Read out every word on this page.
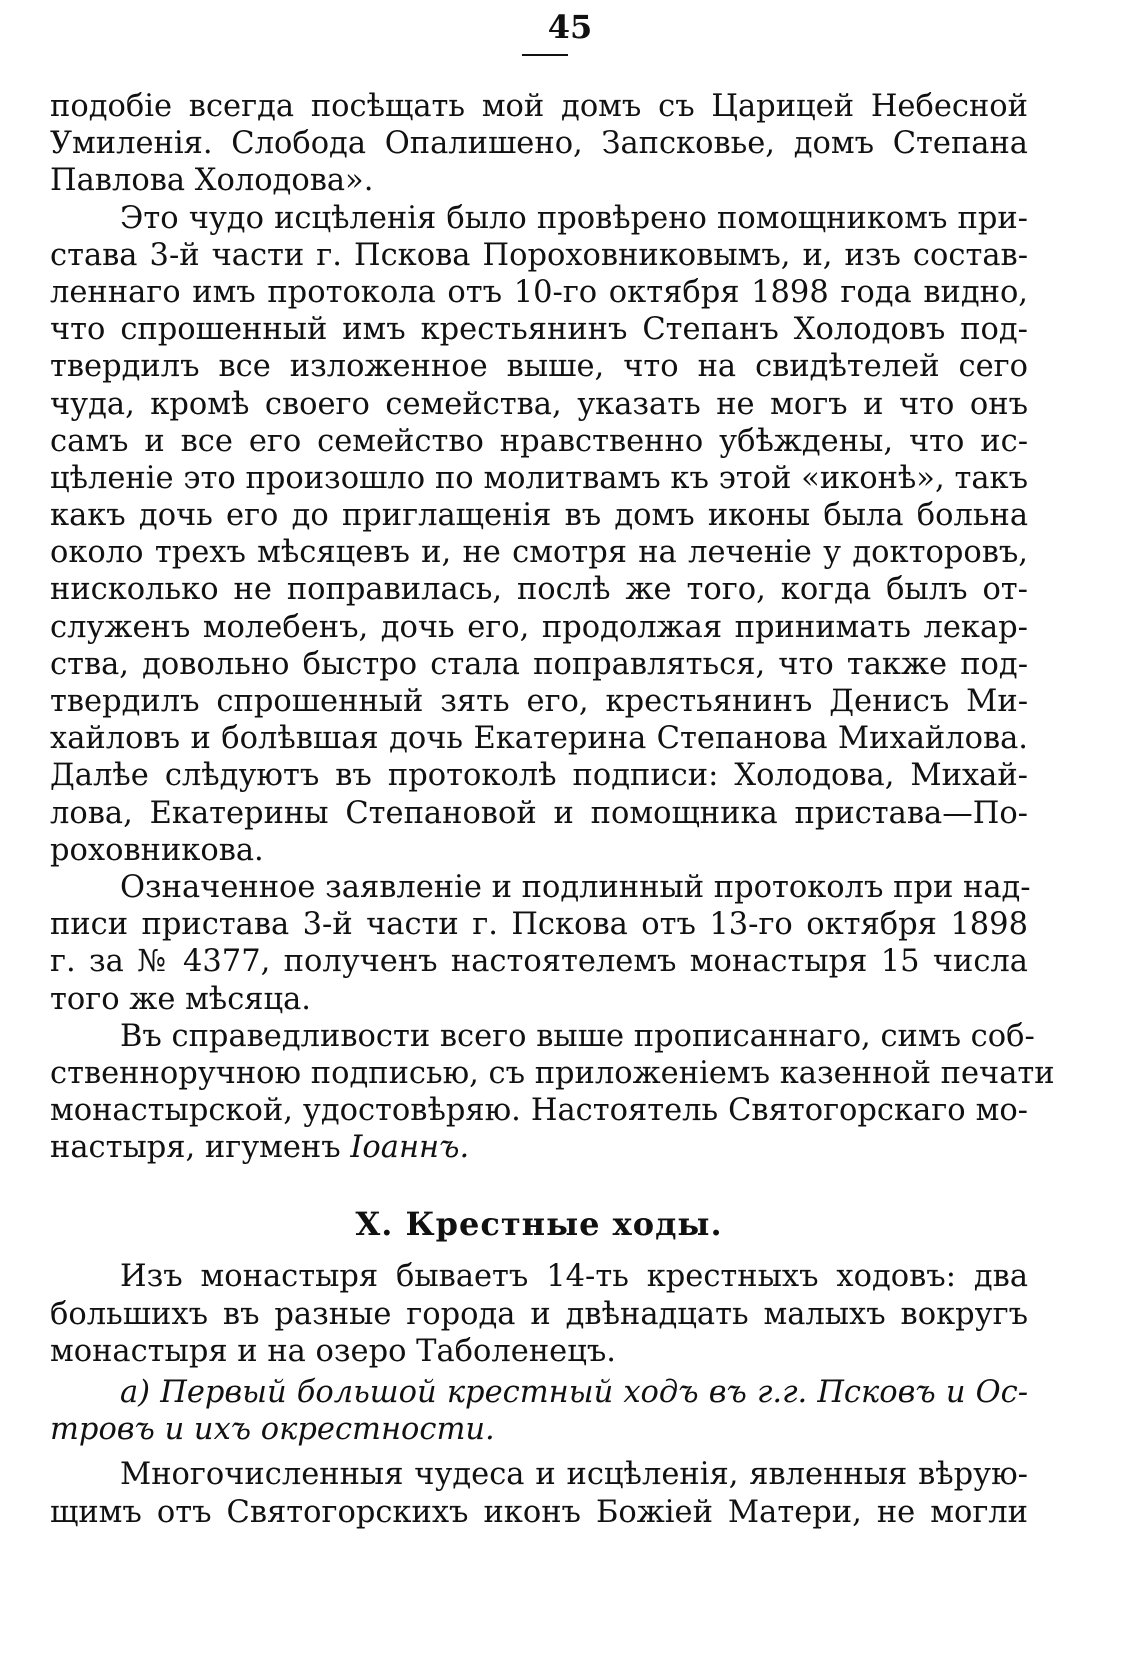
45
подобіе всегда посѣщать мой домъ съ Царицей Небесной
Умиленія. Слобода Опалишено, Запсковье, домъ Степана
Павлова Холодова».
Это чудо исцѣленія было провѣрено помощникомъ при-
става 3-й части г. Пскова Пороховниковымъ, и, изъ состав-
леннаго имъ протокола отъ 10-го октября 1898 года видно,
что спрошенный имъ крестьянинъ Степанъ Холодовъ под-
твердилъ все изложенное выше, что на свидѣтелей сего
чуда, кромѣ своего семейства, указать не могъ и что онъ
самъ и все его семейство нравственно убѣждены, что ис-
цѣленіе это произошло по молитвамъ къ этой «иконѣ», такъ
какъ дочь его до приглащенія въ домъ иконы была больна
около трехъ мѣсяцевъ и, не смотря на леченіе у докторовъ,
нисколько не поправилась, послѣ же того, когда былъ от-
служенъ молебенъ, дочь его, продолжая принимать лекар-
ства, довольно быстро стала поправляться, что также под-
твердилъ спрошенный зять его, крестьянинъ Денисъ Ми-
хайловъ и болѣвшая дочь Екатерина Степанова Михайлова.
Далѣе слѣдуютъ въ протоколѣ подписи: Холодова, Михай-
лова, Екатерины Степановой и помощника пристава—По-
роховникова.
Означенное заявленіе и подлинный протоколъ при над-
писи пристава 3-й части г. Пскова отъ 13-го октября 1898
г. за № 4377, полученъ настоятелемъ монастыря 15 числа
того же мѣсяца.
Въ справедливости всего выше прописаннаго, симъ соб-
ственноручною подписью, съ приложеніемъ казенной печати
монастырской, удостовѣряю. Настоятель Святогорскаго мо-
настыря, игуменъ Іоаннъ.
X. Крестные ходы.
Изъ монастыря бываетъ 14-ть крестныхъ ходовъ: два
большихъ въ разные города и двѣнадцать малыхъ вокругъ
монастыря и на озеро Таболенецъ.
а) Первый большой крестный ходъ въ г.г. Псковъ и Ос-
тровъ и ихъ окрестности.
Многочисленныя чудеса и исцѣленія, явленныя вѣрую-
щимъ отъ Святогорскихъ иконъ Божіей Матери, не могли
